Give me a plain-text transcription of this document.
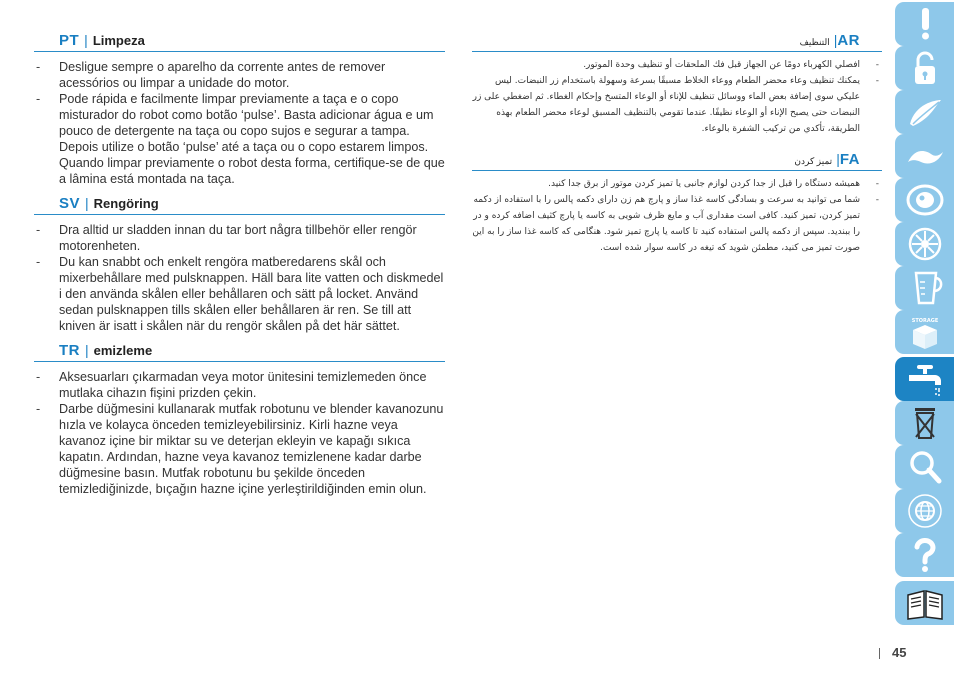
PT | Limpeza
- Desligue sempre o aparelho da corrente antes de remover acessórios ou limpar a unidade do motor.
- Pode rápida e facilmente limpar previamente a taça e o copo misturador do robot como botão ‘pulse’. Basta adicionar água e um pouco de detergente na taça ou copo sujos e segurar a tampa. Depois utilize o botão ‘pulse’ até a taça ou o copo estarem limpos. Quando limpar previamente o robot desta forma, certifique-se de que a lâmina está montada na taça.
SV | Rengöring
- Dra alltid ur sladden innan du tar bort några tillbehör eller rengör motorenheten.
- Du kan snabbt och enkelt rengöra matberedarens skål och mixerbehållare med pulsknappen. Häll bara lite vatten och diskmedel i den använda skålen eller behållaren och sätt på locket. Använd sedan pulsknappen tills skålen eller behållaren är ren. Se till att kniven är isatt i skålen när du rengör skålen på det här sättet.
TR | emizleme
- Aksesuarları çıkarmadan veya motor ünitesini temizlemeden önce mutlaka cihazın fişini prizden çekin.
- Darbe düğmesini kullanarak mutfak robotunu ve blender kavanozunu hızla ve kolayca önceden temizleyebilirsiniz. Kirli hazne veya kavanoz içine bir miktar su ve deterjan ekleyin ve kapağı sıkıca kapatın. Ardından, hazne veya kavanoz temizlenene kadar darbe düğmesine basın. Mutfak robotunu bu şekilde önceden temizlediğinizde, bıçağın hazne içine yerleştirildiğinden emin olun.
AR
|
التنظيف
- افصلي الكهرباء دومًا عن الجهاز قبل فك الملحقات أو تنظيف وحدة الموتور.
- يمكنك تنظيف وعاء محضر الطعام ووعاء الخلاط مسبقًا بسرعة وسهولة باستخدام زر النبضات. ليس عليكي سوى إضافة بعض الماء ووسائل تنظيف للإناء أو الوعاء المتسخ وإحكام الغطاء. ثم اضغطي على زر النبضات حتى يصبح الإناء أو الوعاء نظيفًا. عندما تقومي بالتنظيف المسبق لوعاء محضر الطعام بهذه الطريقة، تأكدي من تركيب الشفرة بالوعاء.
FA
|
تمیز کردن
- همیشه دستگاه را قبل از جدا کردن لوازم جانبی یا تمیز کردن موتور از برق جدا کنید.
- شما می توانید به سرعت و بسادگی کاسه غذا ساز و پارچ هم زن دارای دکمه پالس را با استفاده از دکمه تمیز کردن، تمیز کنید. کافی است مقداری آب و مایع ظرف شویی به کاسه یا پارچ کثیف اضافه کرده و در را ببندید. سپس از دکمه پالس استفاده کنید تا کاسه یا پارچ تمیز شود. هنگامی که کاسه غذا ساز را به این صورت تمیز می کنید، مطمئن شوید که تیغه در کاسه سوار شده است.
STORAGE
45
